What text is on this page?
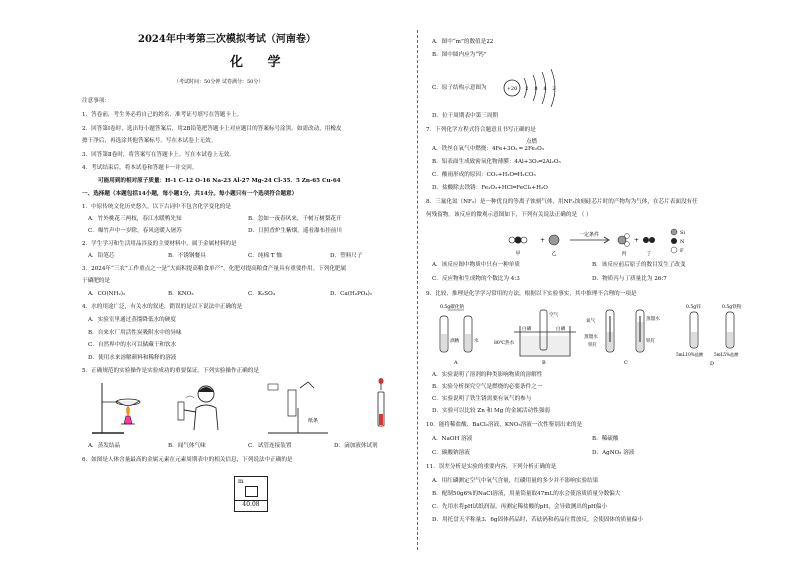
2024年中考第三次模拟考试（河南卷）
化 学
（考试时间：50分钟 试卷满分：50分）
注意事项：
1．答卷前，考生务必将自己的姓名、准考证号填写在答题卡上。
2．回答第Ⅰ卷时，选出每小题答案后，用2B铅笔把答题卡上对应题目的答案标号涂黑。如需改动，用橡皮
擦干净后，再选涂其他答案标号。写在本试卷上无效。
3．回答第Ⅱ卷时，将答案写在答题卡上。写在本试卷上无效。
4．考试结束后，将本试卷和答题卡一并交回。
可能用到的相对原子质量：H-1 C-12 O-16 Na-23 Al-27 Mg-24 Cl-35．5 Zn-65 Cu-64
一、选择题（本题包括14小题，每小题1分，共14分。每小题只有一个选项符合题意）
1．中原传统文化历史悠久，以下古词中不包含化学变化的是
A．竹外桃花三两枝，春江水暖鸭先知	B．忽如一夜春风来，千树万树梨花开
C．爆竹声中一岁除，春风送暖入屠苏	D．日照香炉生紫烟，遥看瀑布挂前川
2．学生学习和生活用品涉及的主要材料中，属于金属材料的是
A．铅笔芯	B．不锈钢餐具	C．纯棉 T 恤	D．塑料尺子
3．2024年“三农”工作重点之一是“大面积提高粮食单产”，化肥对提高粮食产量具有重要作用。下列化肥属
于磷肥的是
A．CO(NH₂)₂	B．KNO₃	C．K₂SO₄	D．Ca(H₂PO₄)₂
4．水的用途广泛，有关水的叙述，錯误的是以下说法中正确的是
A．实验室里通过蒸馏降低水的硬度
B．自来水厂用活性炭吸附水中的异味
C．自然界中的水可以储藏于和饮水
D．使用水来溶解颜料和稀释的溶液
5．正确规范的实验操作是实验成功的重要保证。下列实验操作正确的是
纸条
A．蒸发结晶	B．闻气体气味	C．试管连接装置	D．滴加液体试剂
6．如图是人体含量最高的金属元素在元素周期表中的相关信息，下列说法中正确的是
m
40.08
A．图中“m”的数值是22
B．图中圆内应为“钙”
C．原子结构示意图为	+20 2 8 8 2
D．位于周期表中第三周期
7．下列化学方程式符合题意且书写正确的是
点燃
A．铁丝在氧气中燃烧：4Fe+3O₂ ═ 2Fe₂O₃
B．铝表面生成致密氧化物薄膜：4Al+3O₂═2Al₂O₃
C．酸雨形成的原因：CO₂+H₂O═H₂CO₃
D．盐酸除去铁锈：Fe₂O₃+HCl═FeCl₃+H₂O
8．三氟化氮（NF₃）是一种优良的等离子蚀刻气体，用NF₃蚀刻硅芯片时的产物均为气体，在芯片表面没有任
何残留物。该反应的微观示意图如下，下列有关说法正确的是 （ ）
+
一定条件
+
甲	乙	丙	丁
Si
N
F
A．该反应图中物质中只有一种单质	B．该反应前后原子的数目发生了改变
C．反应物和生成物的个数比为 4:3	D．物质丙与丁质量比为 26:7
9．比较、推理是化学学习常用的方法，根据以下实验事实，其中推理不合理的一项是
0.5g碳化钠
酒精	水
A
空气
80℃热水
白磷	白磷
B
氧气
蒸馏水
铁钉
蒸馏水
铁钉
C
0.5g锌	0.5g铁粉
5mL10%盐酸	5mL5%盐酸
D
A．实验说明了溶剂的种类影响物质的溶解性
B．实验分析探究空气是燃烧的必要条件之一
C．实验说明了铁生锈需要有氧气的参与
D．实验可以比较 Zn 和 Mg 的金属活动性强弱
10．能将稀盐酸、BaCl₂溶液、KNO₃溶液一次性鉴别出来的是
A．NaOH 溶液	B．稀硫酸
C．碳酸钠溶液	D．AgNO₃ 溶液
11．误差分析是实验的重要内容，下列分析正确的是
A．用红磷测定空气中氧气含量，红磷用量的多少并不影响实验结果
B．配制50g6%的NaCl溶液，用量筒量取47mL的水会使溶质质量分数偏大
C．先用水将pH试纸润湿，再测定稀盐酸的pH，会导致测出的pH偏小
D．用托盘天平称量3．6g固体药品时，若砝码和药品位置放反，会使固体的质量偏小
